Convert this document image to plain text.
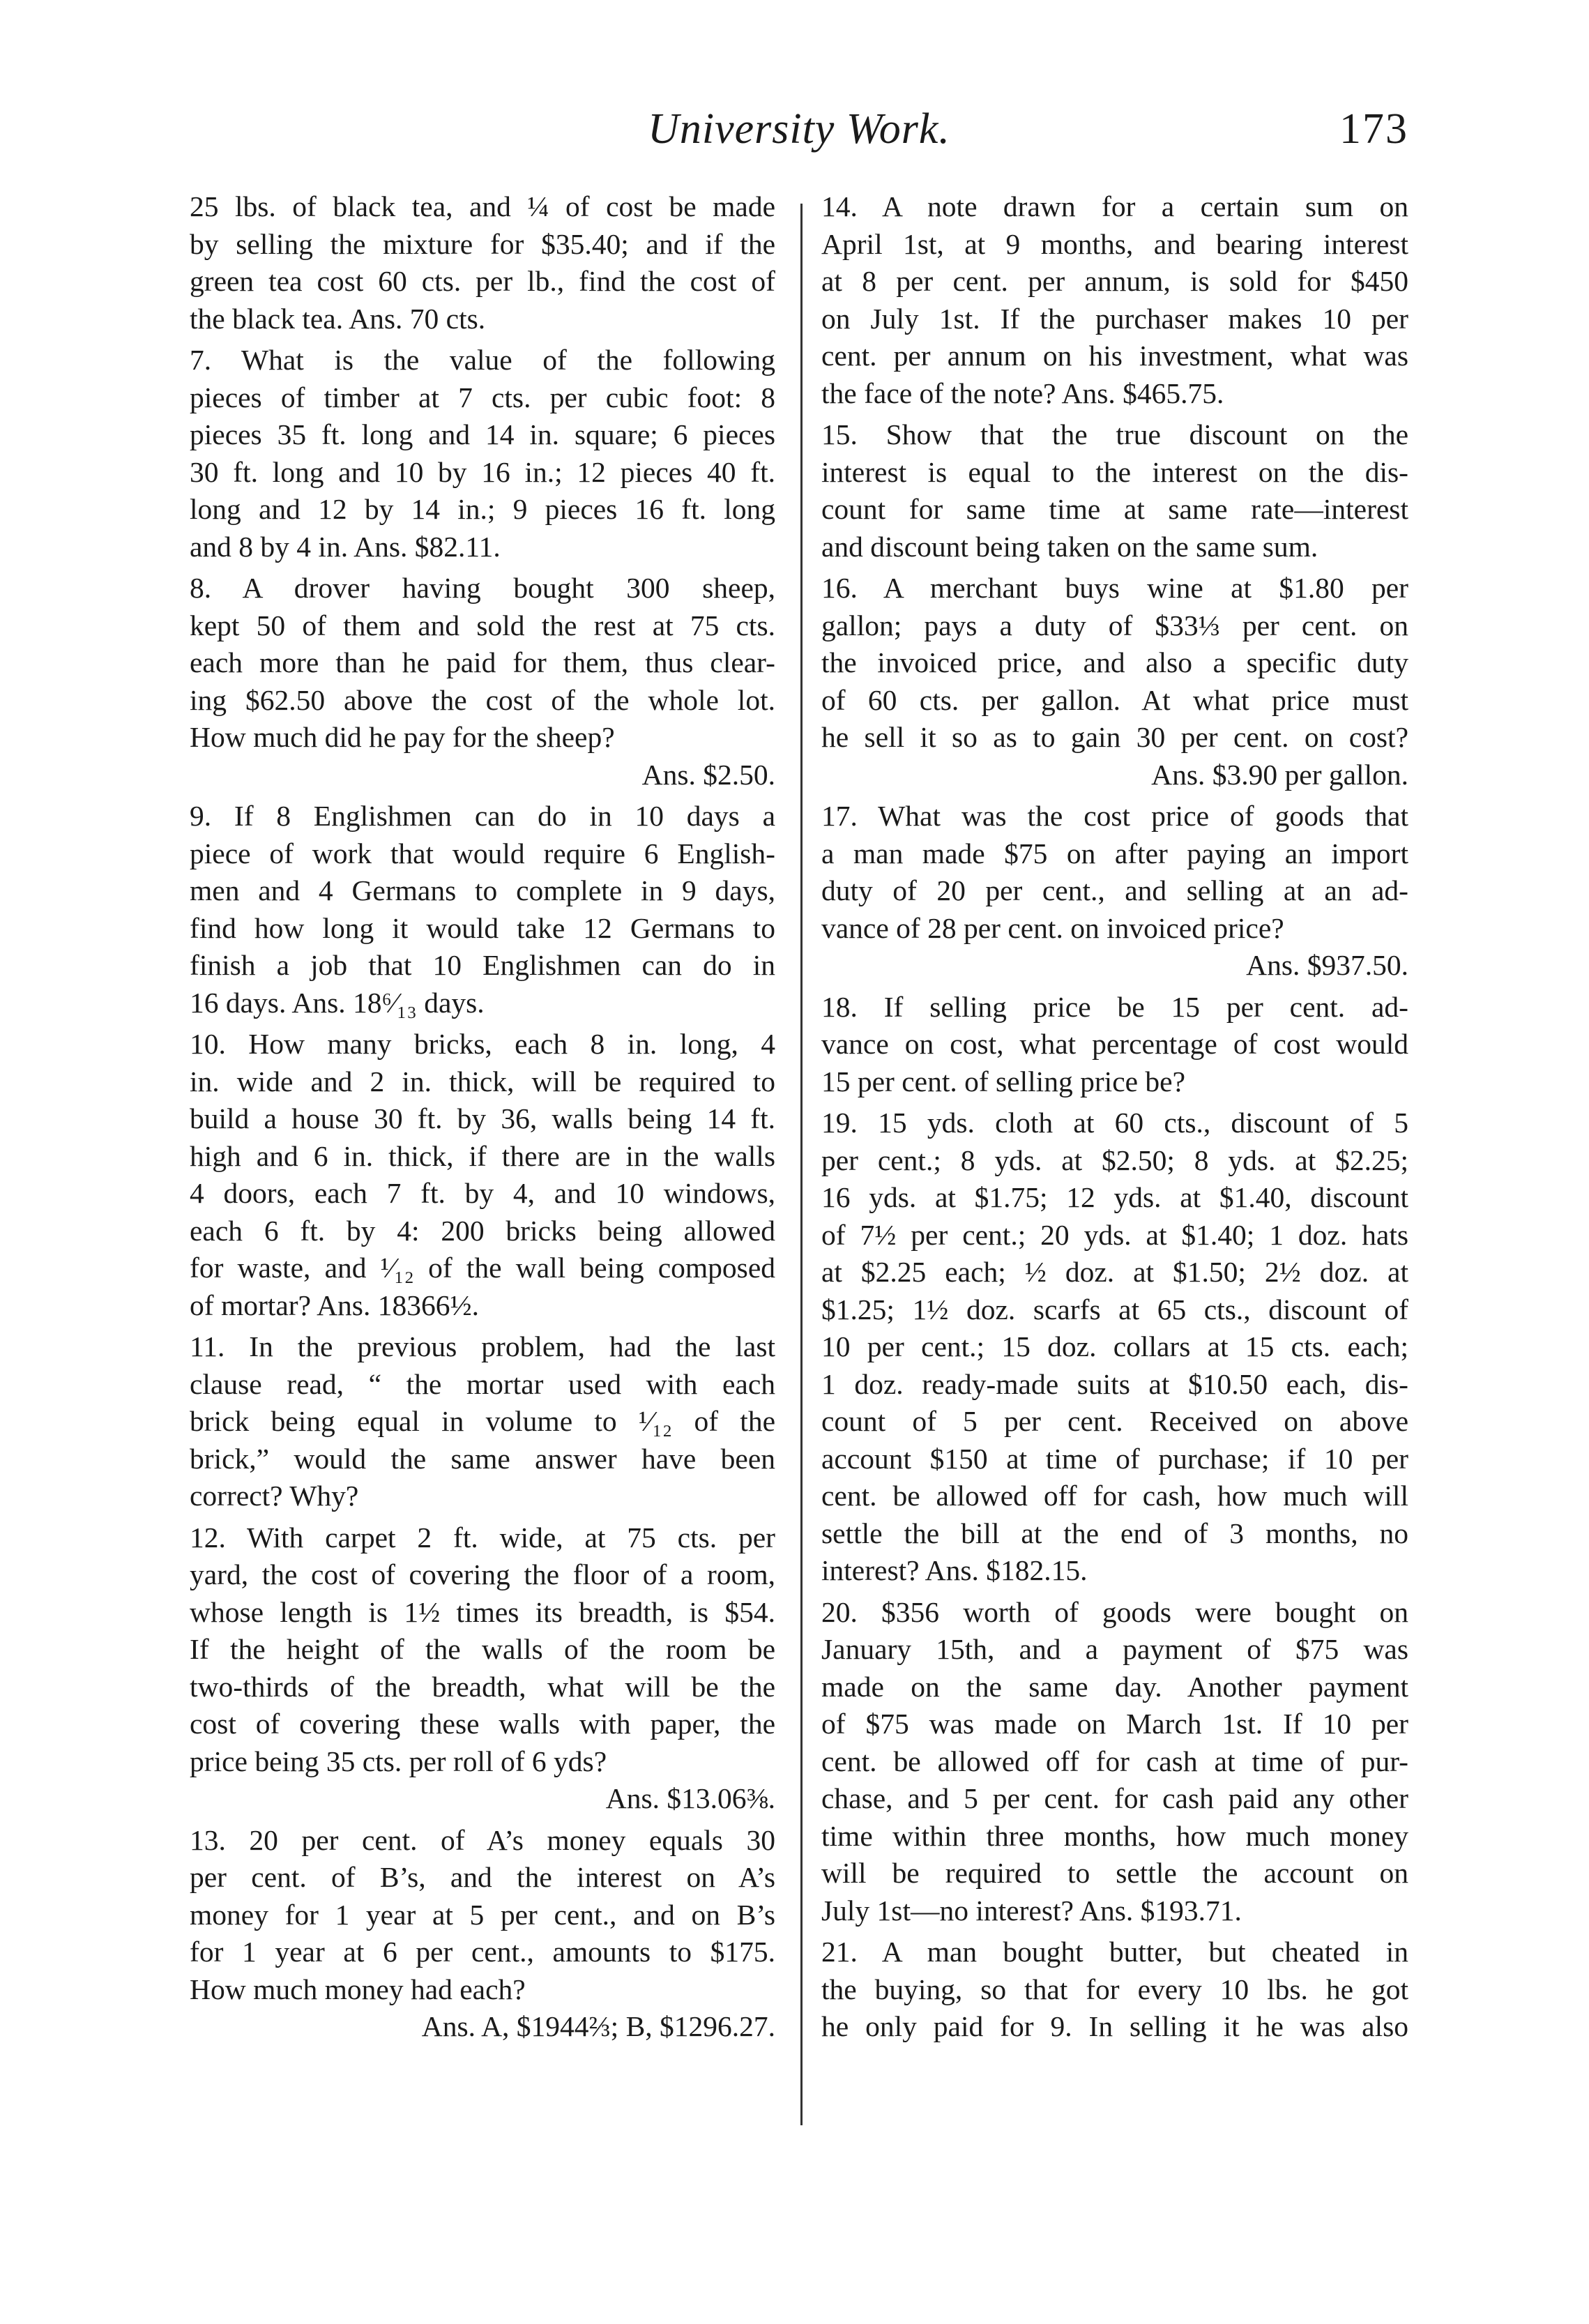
University Work.	173
25 lbs. of black tea, and ¼ of cost be made
by selling the mixture for $35.40; and if the
green tea cost 60 cts. per lb., find the cost of
the black tea. Ans. 70 cts.
7. What is the value of the following
pieces of timber at 7 cts. per cubic foot: 8
pieces 35 ft. long and 14 in. square; 6 pieces
30 ft. long and 10 by 16 in.; 12 pieces 40 ft.
long and 12 by 14 in.; 9 pieces 16 ft. long
and 8 by 4 in. Ans. $82.11.
8. A drover having bought 300 sheep,
kept 50 of them and sold the rest at 75 cts.
each more than he paid for them, thus clear-
ing $62.50 above the cost of the whole lot.
How much did he pay for the sheep?
Ans. $2.50.
9. If 8 Englishmen can do in 10 days a
piece of work that would require 6 English-
men and 4 Germans to complete in 9 days,
find how long it would take 12 Germans to
finish a job that 10 Englishmen can do in
16 days. Ans. 18⁶⁄₁₃ days.
10. How many bricks, each 8 in. long, 4
in. wide and 2 in. thick, will be required to
build a house 30 ft. by 36, walls being 14 ft.
high and 6 in. thick, if there are in the walls
4 doors, each 7 ft. by 4, and 10 windows,
each 6 ft. by 4: 200 bricks being allowed
for waste, and ¹⁄₁₂ of the wall being composed
of mortar? Ans. 18366½.
11. In the previous problem, had the last
clause read, “ the mortar used with each
brick being equal in volume to ¹⁄₁₂ of the
brick,” would the same answer have been
correct? Why?
12. With carpet 2 ft. wide, at 75 cts. per
yard, the cost of covering the floor of a room,
whose length is 1½ times its breadth, is $54.
If the height of the walls of the room be
two-thirds of the breadth, what will be the
cost of covering these walls with paper, the
price being 35 cts. per roll of 6 yds?
Ans. $13.06⅜.
13. 20 per cent. of A’s money equals 30
per cent. of B’s, and the interest on A’s
money for 1 year at 5 per cent., and on B’s
for 1 year at 6 per cent., amounts to $175.
How much money had each?
Ans. A, $1944⅔; B, $1296.27.
14. A note drawn for a certain sum on
April 1st, at 9 months, and bearing interest
at 8 per cent. per annum, is sold for $450
on July 1st. If the purchaser makes 10 per
cent. per annum on his investment, what was
the face of the note? Ans. $465.75.
15. Show that the true discount on the
interest is equal to the interest on the dis-
count for same time at same rate—interest
and discount being taken on the same sum.
16. A merchant buys wine at $1.80 per
gallon; pays a duty of $33⅓ per cent. on
the invoiced price, and also a specific duty
of 60 cts. per gallon. At what price must
he sell it so as to gain 30 per cent. on cost?
Ans. $3.90 per gallon.
17. What was the cost price of goods that
a man made $75 on after paying an import
duty of 20 per cent., and selling at an ad-
vance of 28 per cent. on invoiced price?
Ans. $937.50.
18. If selling price be 15 per cent. ad-
vance on cost, what percentage of cost would
15 per cent. of selling price be?
19. 15 yds. cloth at 60 cts., discount of 5
per cent.; 8 yds. at $2.50; 8 yds. at $2.25;
16 yds. at $1.75; 12 yds. at $1.40, discount
of 7½ per cent.; 20 yds. at $1.40; 1 doz. hats
at $2.25 each; ½ doz. at $1.50; 2½ doz. at
$1.25; 1½ doz. scarfs at 65 cts., discount of
10 per cent.; 15 doz. collars at 15 cts. each;
1 doz. ready-made suits at $10.50 each, dis-
count of 5 per cent. Received on above
account $150 at time of purchase; if 10 per
cent. be allowed off for cash, how much will
settle the bill at the end of 3 months, no
interest? Ans. $182.15.
20. $356 worth of goods were bought on
January 15th, and a payment of $75 was
made on the same day. Another payment
of $75 was made on March 1st. If 10 per
cent. be allowed off for cash at time of pur-
chase, and 5 per cent. for cash paid any other
time within three months, how much money
will be required to settle the account on
July 1st—no interest? Ans. $193.71.
21. A man bought butter, but cheated in
the buying, so that for every 10 lbs. he got
he only paid for 9. In selling it he was also
